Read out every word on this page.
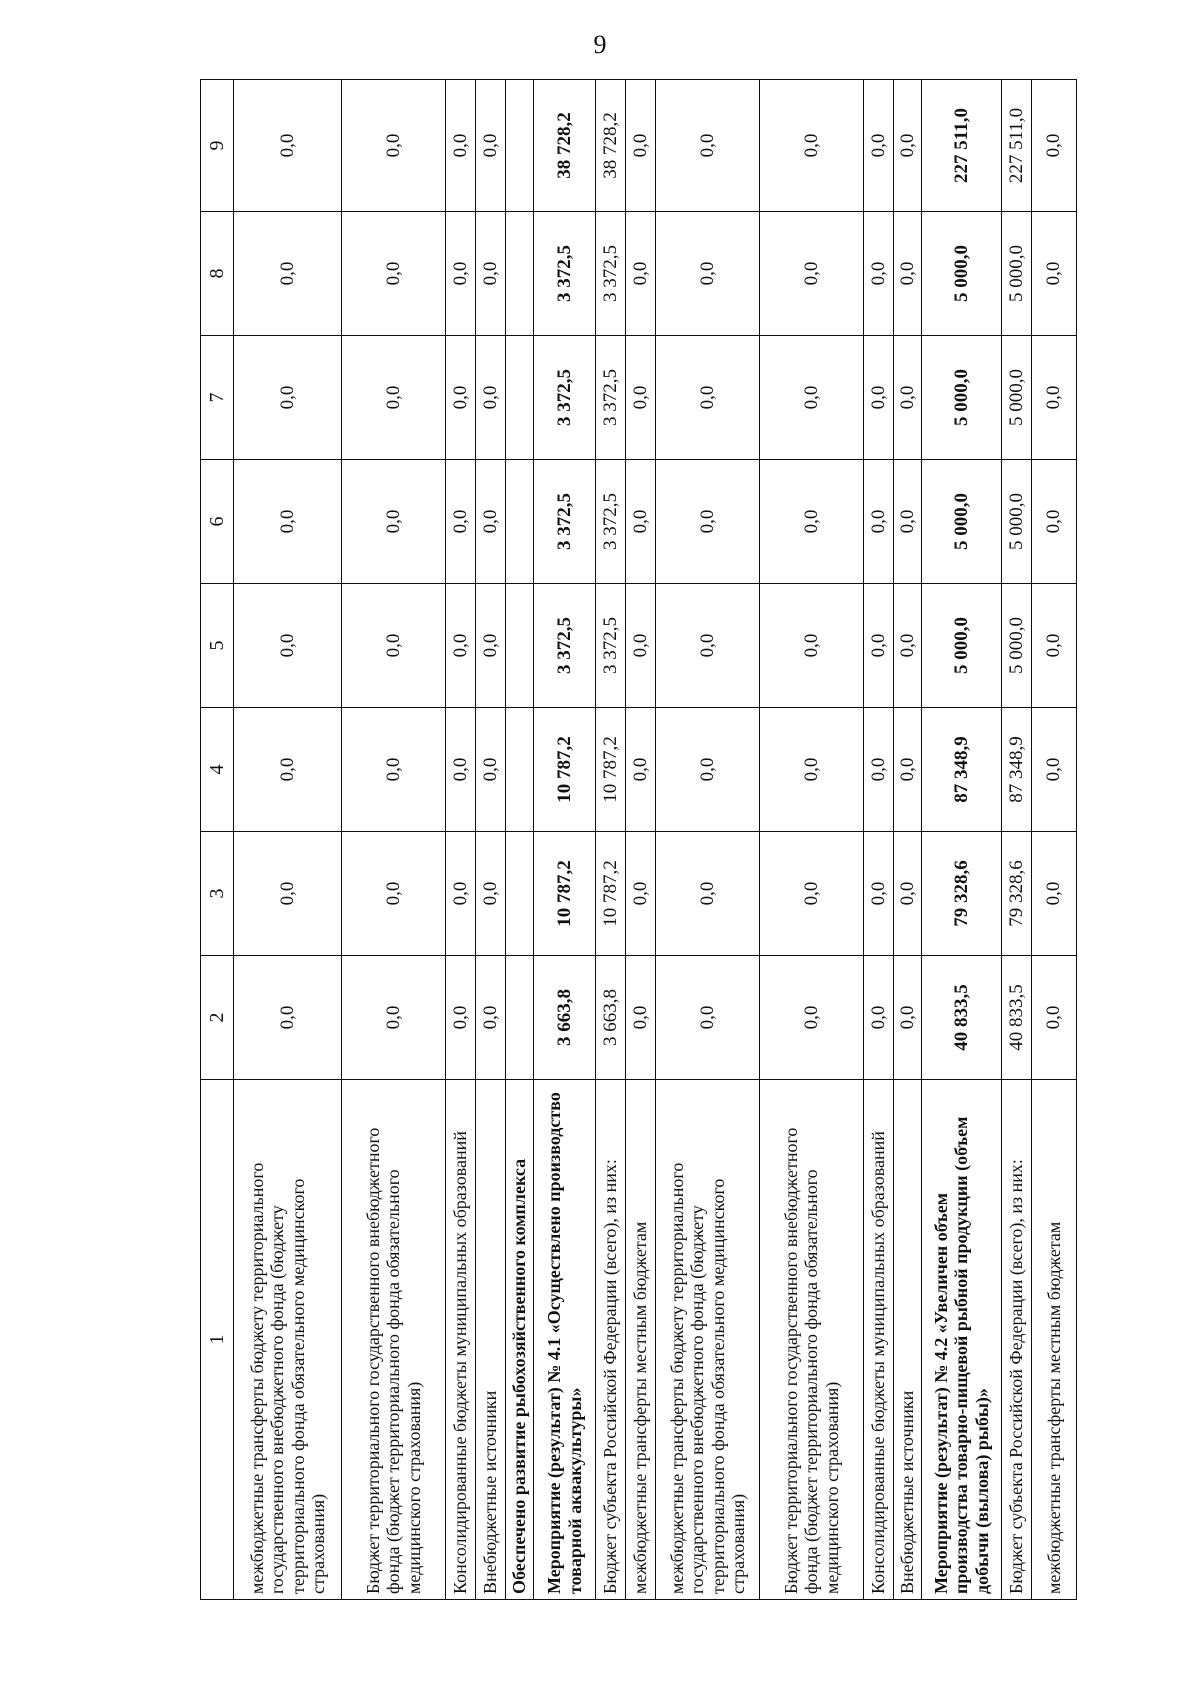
9
1	2	3	4	5	6	7	8	9
межбюджетные трансферты бюджету территориального государственного внебюджетного фонда (бюджету территориального фонда обязательного медицинского страхования)	0,0	0,0	0,0	0,0	0,0	0,0	0,0	0,0
Бюджет территориального государственного внебюджетного фонда (бюджет территориального фонда обязательного медицинского страхования)	0,0	0,0	0,0	0,0	0,0	0,0	0,0	0,0
Консолидированные бюджеты муниципальных образований	0,0	0,0	0,0	0,0	0,0	0,0	0,0	0,0
Внебюджетные источники	0,0	0,0	0,0	0,0	0,0	0,0	0,0	0,0
Обеспечено развитие рыбохозяйственного комплекса								
Мероприятие (результат) № 4.1 «Осуществлено производство товарной аквакультуры»	3 663,8	10 787,2	10 787,2	3 372,5	3 372,5	3 372,5	3 372,5	38 728,2
Бюджет субъекта Российской Федерации (всего), из них:	3 663,8	10 787,2	10 787,2	3 372,5	3 372,5	3 372,5	3 372,5	38 728,2
межбюджетные трансферты местным бюджетам	0,0	0,0	0,0	0,0	0,0	0,0	0,0	0,0
межбюджетные трансферты бюджету территориального государственного внебюджетного фонда (бюджету территориального фонда обязательного медицинского страхования)	0,0	0,0	0,0	0,0	0,0	0,0	0,0	0,0
Бюджет территориального государственного внебюджетного фонда (бюджет территориального фонда обязательного медицинского страхования)	0,0	0,0	0,0	0,0	0,0	0,0	0,0	0,0
Консолидированные бюджеты муниципальных образований	0,0	0,0	0,0	0,0	0,0	0,0	0,0	0,0
Внебюджетные источники	0,0	0,0	0,0	0,0	0,0	0,0	0,0	0,0
Мероприятие (результат) № 4.2 «Увеличен объем производства товарно-пищевой рыбной продукции (объем добычи (вылова) рыбы)»	40 833,5	79 328,6	87 348,9	5 000,0	5 000,0	5 000,0	5 000,0	227 511,0
Бюджет субъекта Российской Федерации (всего), из них:	40 833,5	79 328,6	87 348,9	5 000,0	5 000,0	5 000,0	5 000,0	227 511,0
межбюджетные трансферты местным бюджетам	0,0	0,0	0,0	0,0	0,0	0,0	0,0	0,0
